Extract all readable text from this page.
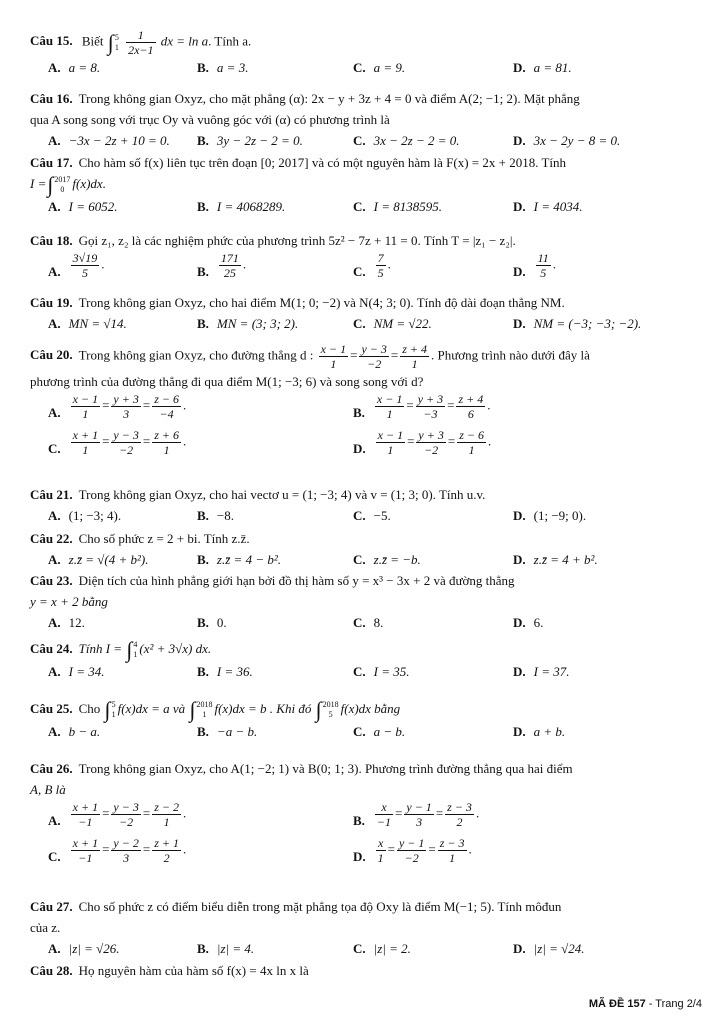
Câu 15. Biết ∫ 5
1
$\frac{1}{2x-1}$ dx = ln a. Tính a.
A. a = 8.	B. a = 3.	C. a = 9.	D. a = 81.
Câu 16. Trong không gian Oxyz, cho mặt phẳng (α): 2x − y + 3z + 4 = 0 và điểm A(2; −1; 2). Mặt phẳng
qua A song song với trục Oy và vuông góc với (α) có phương trình là
A. −3x − 2z + 10 = 0. B. 3y − 2z − 2 = 0.	C. 3x − 2z − 2 = 0.	D. 3x − 2y − 8 = 0.
Câu 17. Cho hàm số f(x) liên tục trên đoạn [0; 2017] và có một nguyên hàm là F(x) = 2x + 2018. Tính
I =∫ 2017
0 f(x)dx.
A. I = 6052.	B. I = 4068289.	C. I = 8138595.	D. I = 4034.
Câu 18. Gọi z₁, z₂ là các nghiệm phức của phương trình 5z² − 7z + 11 = 0. Tính T = |z₁ − z₂|.
A. $\frac{3√19}{5}$ .
B. $\frac{171}{25}$ .
C. $\frac{7}{5}$ .
D. $\frac{11}{5}$ .
Câu 19. Trong không gian Oxyz, cho hai điểm M(1; 0; −2) và N(4; 3; 0). Tính độ dài đoạn thẳng NM.
A. MN = √14.	B. MN = (3; 3; 2).	C. NM = √22.	D. NM = (−3; −3; −2).
Câu 20. Trong không gian Oxyz, cho đường thẳng d : $\frac{x - 1}{1} = \frac{y - 3}{-2} = \frac{z + 4}{1}$ . Phương trình nào dưới đây là
phương trình của đường thẳng đi qua điểm M(1; −3; 6) và song song với d?
A. $\frac{x - 1}{1} = \frac{y + 3}{3} = \frac{z - 6}{-4}$ .
B. $\frac{x - 1}{1} = \frac{y + 3}{-3} = \frac{z + 4}{6}$ .
C. $\frac{x + 1}{1} = \frac{y - 3}{-2} = \frac{z + 6}{1}$ .
D. $\frac{x - 1}{1} = \frac{y + 3}{-2} = \frac{z - 6}{1}$ .
Câu 21. Trong không gian Oxyz, cho hai vectơ u = (1; −3; 4) và v = (1; 3; 0). Tính u.v.
A. (1; −3; 4).	B. −8.	C. −5.	D. (1; −9; 0).
Câu 22. Cho số phức z = 2 + bi. Tính z.z̄.
A. z.z̄ = √(4 + b²).	B. z.z̄ = 4 − b².	C. z.z̄ = −b.	D. z.z̄ = 4 + b².
Câu 23. Diện tích của hình phẳng giới hạn bởi đồ thị hàm số y = x³ − 3x + 2 và đường thẳng
y = x + 2 bằng
A. 12.	B. 0.	C. 8.	D. 6.
Câu 24. Tính I = ∫ 4
1 (x² + 3√x) dx.
A. I = 34.	B. I = 36.	C. I = 35.	D. I = 37.
Câu 25. Cho ∫ 5
1 f(x)dx = a và ∫ 2018
1 f(x)dx = b . Khi đó ∫ 2018
5 f(x)dx bằng
A. b − a.	B. −a − b.	C. a − b.	D. a + b.
Câu 26. Trong không gian Oxyz, cho A(1; −2; 1) và B(0; 1; 3). Phương trình đường thẳng qua hai điểm
A, B là
A. $\frac{x + 1}{-1} = \frac{y - 3}{-2} = \frac{z - 2}{1}$ .
B. $\frac{x}{-1} = \frac{y - 1}{3} = \frac{z - 3}{2}$ .
C. $\frac{x + 1}{-1} = \frac{y - 2}{3} = \frac{z + 1}{2}$ .
D. $\frac{x}{1} = \frac{y - 1}{-2} = \frac{z - 3}{1}$ .
Câu 27. Cho số phức z có điểm biểu diễn trong mặt phẳng tọa độ Oxy là điểm M(−1; 5). Tính môđun
của z.
A. |z| = √26.	B. |z| = 4.	C. |z| = 2.	D. |z| = √24.
Câu 28. Họ nguyên hàm của hàm số f(x) = 4x ln x là
MÃ ĐỀ 157 - Trang 2/4
